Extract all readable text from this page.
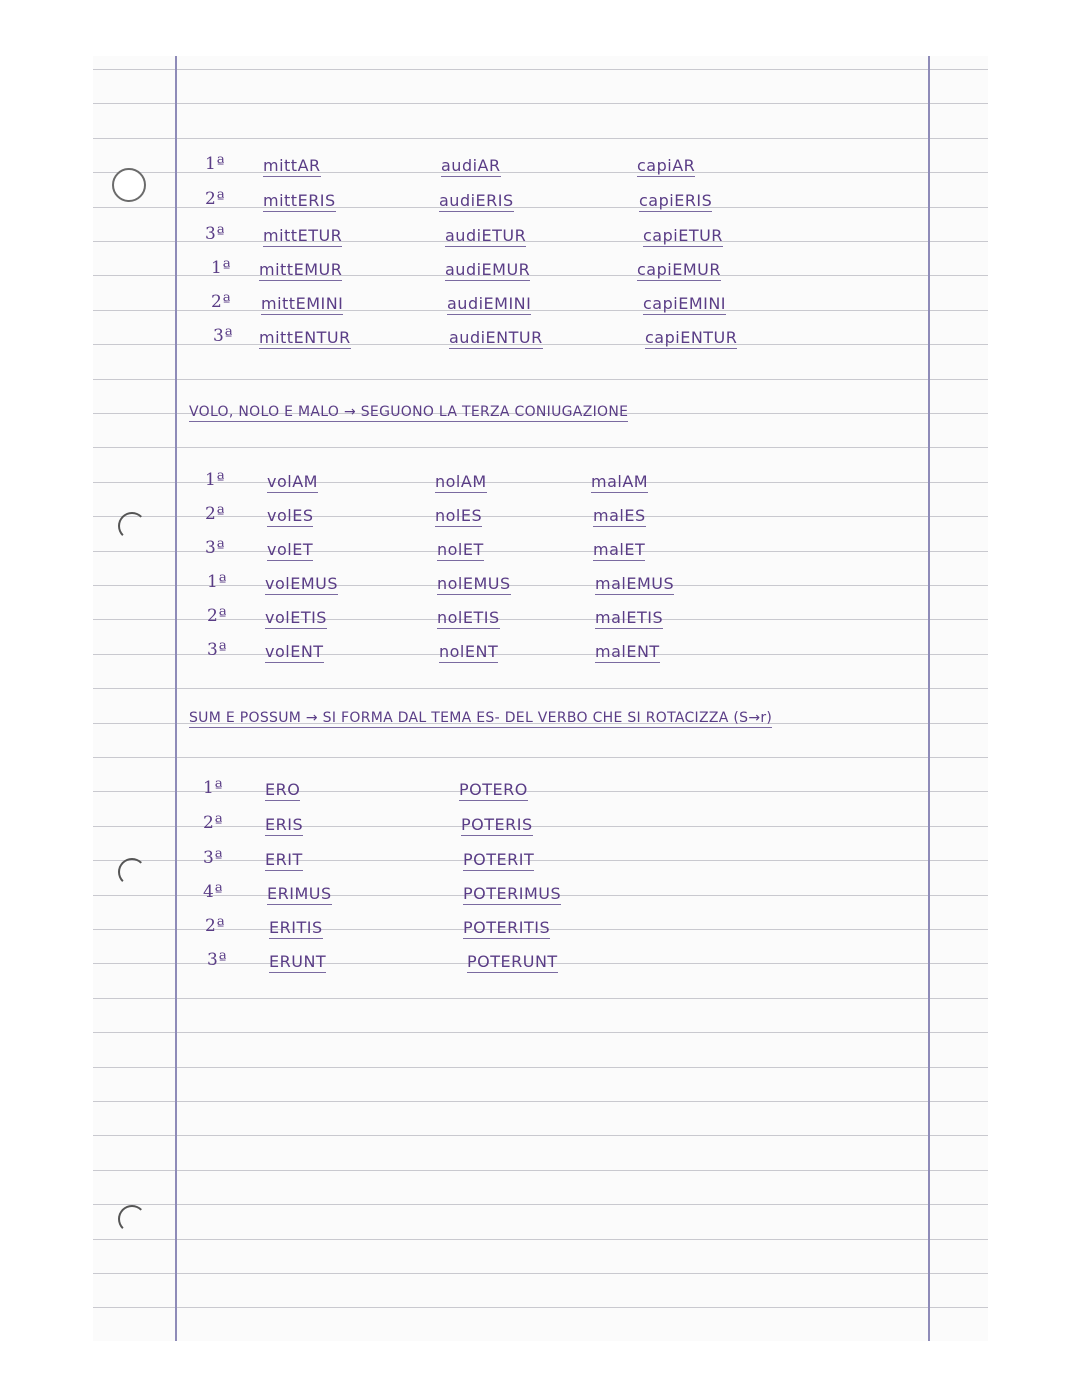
1ª
2ª
3ª
1ª
2ª
3ª
mittAR
mittERIS
mittETUR
mittEMUR
mittEMINI
mittENTUR
audiAR
audiERIS
audiETUR
audiEMUR
audiEMINI
audiENTUR
capiAR
capiERIS
capiETUR
capiEMUR
capiEMINI
capiENTUR
VOLO, NOLO E MALO → SEGUONO LA TERZA CONIUGAZIONE
1ª
2ª
3ª
1ª
2ª
3ª
volAM
volES
volET
volEMUS
volETIS
volENT
nolAM
nolES
nolET
nolEMUS
nolETIS
nolENT
malAM
malES
malET
malEMUS
malETIS
malENT
SUM E POSSUM → SI FORMA DAL TEMA ES- DEL VERBO CHE SI ROTACIZZA (S→r)
1ª
2ª
3ª
4ª
2ª
3ª
ERO
ERIS
ERIT
ERIMUS
ERITIS
ERUNT
POTERO
POTERIS
POTERIT
POTERIMUS
POTERITIS
POTERUNT
